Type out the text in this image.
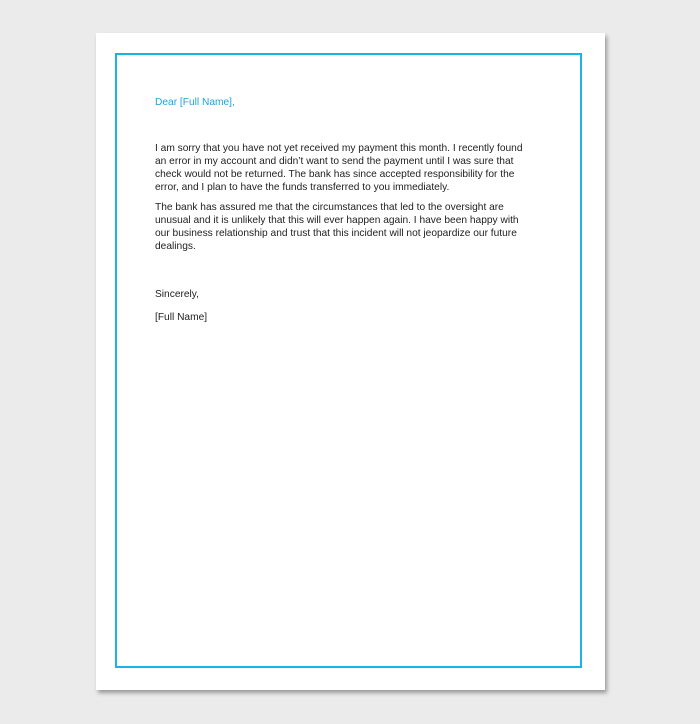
Dear [Full Name],

I am sorry that you have not yet received my payment this month. I recently found an error in my account and didn’t want to send the payment until I was sure that check would not be returned. The bank has since accepted responsibility for the error, and I plan to have the funds transferred to you immediately.

The bank has assured me that the circumstances that led to the oversight are unusual and it is unlikely that this will ever happen again. I have been happy with our business relationship and trust that this incident will not jeopardize our future dealings.

Sincerely,

[Full Name]
